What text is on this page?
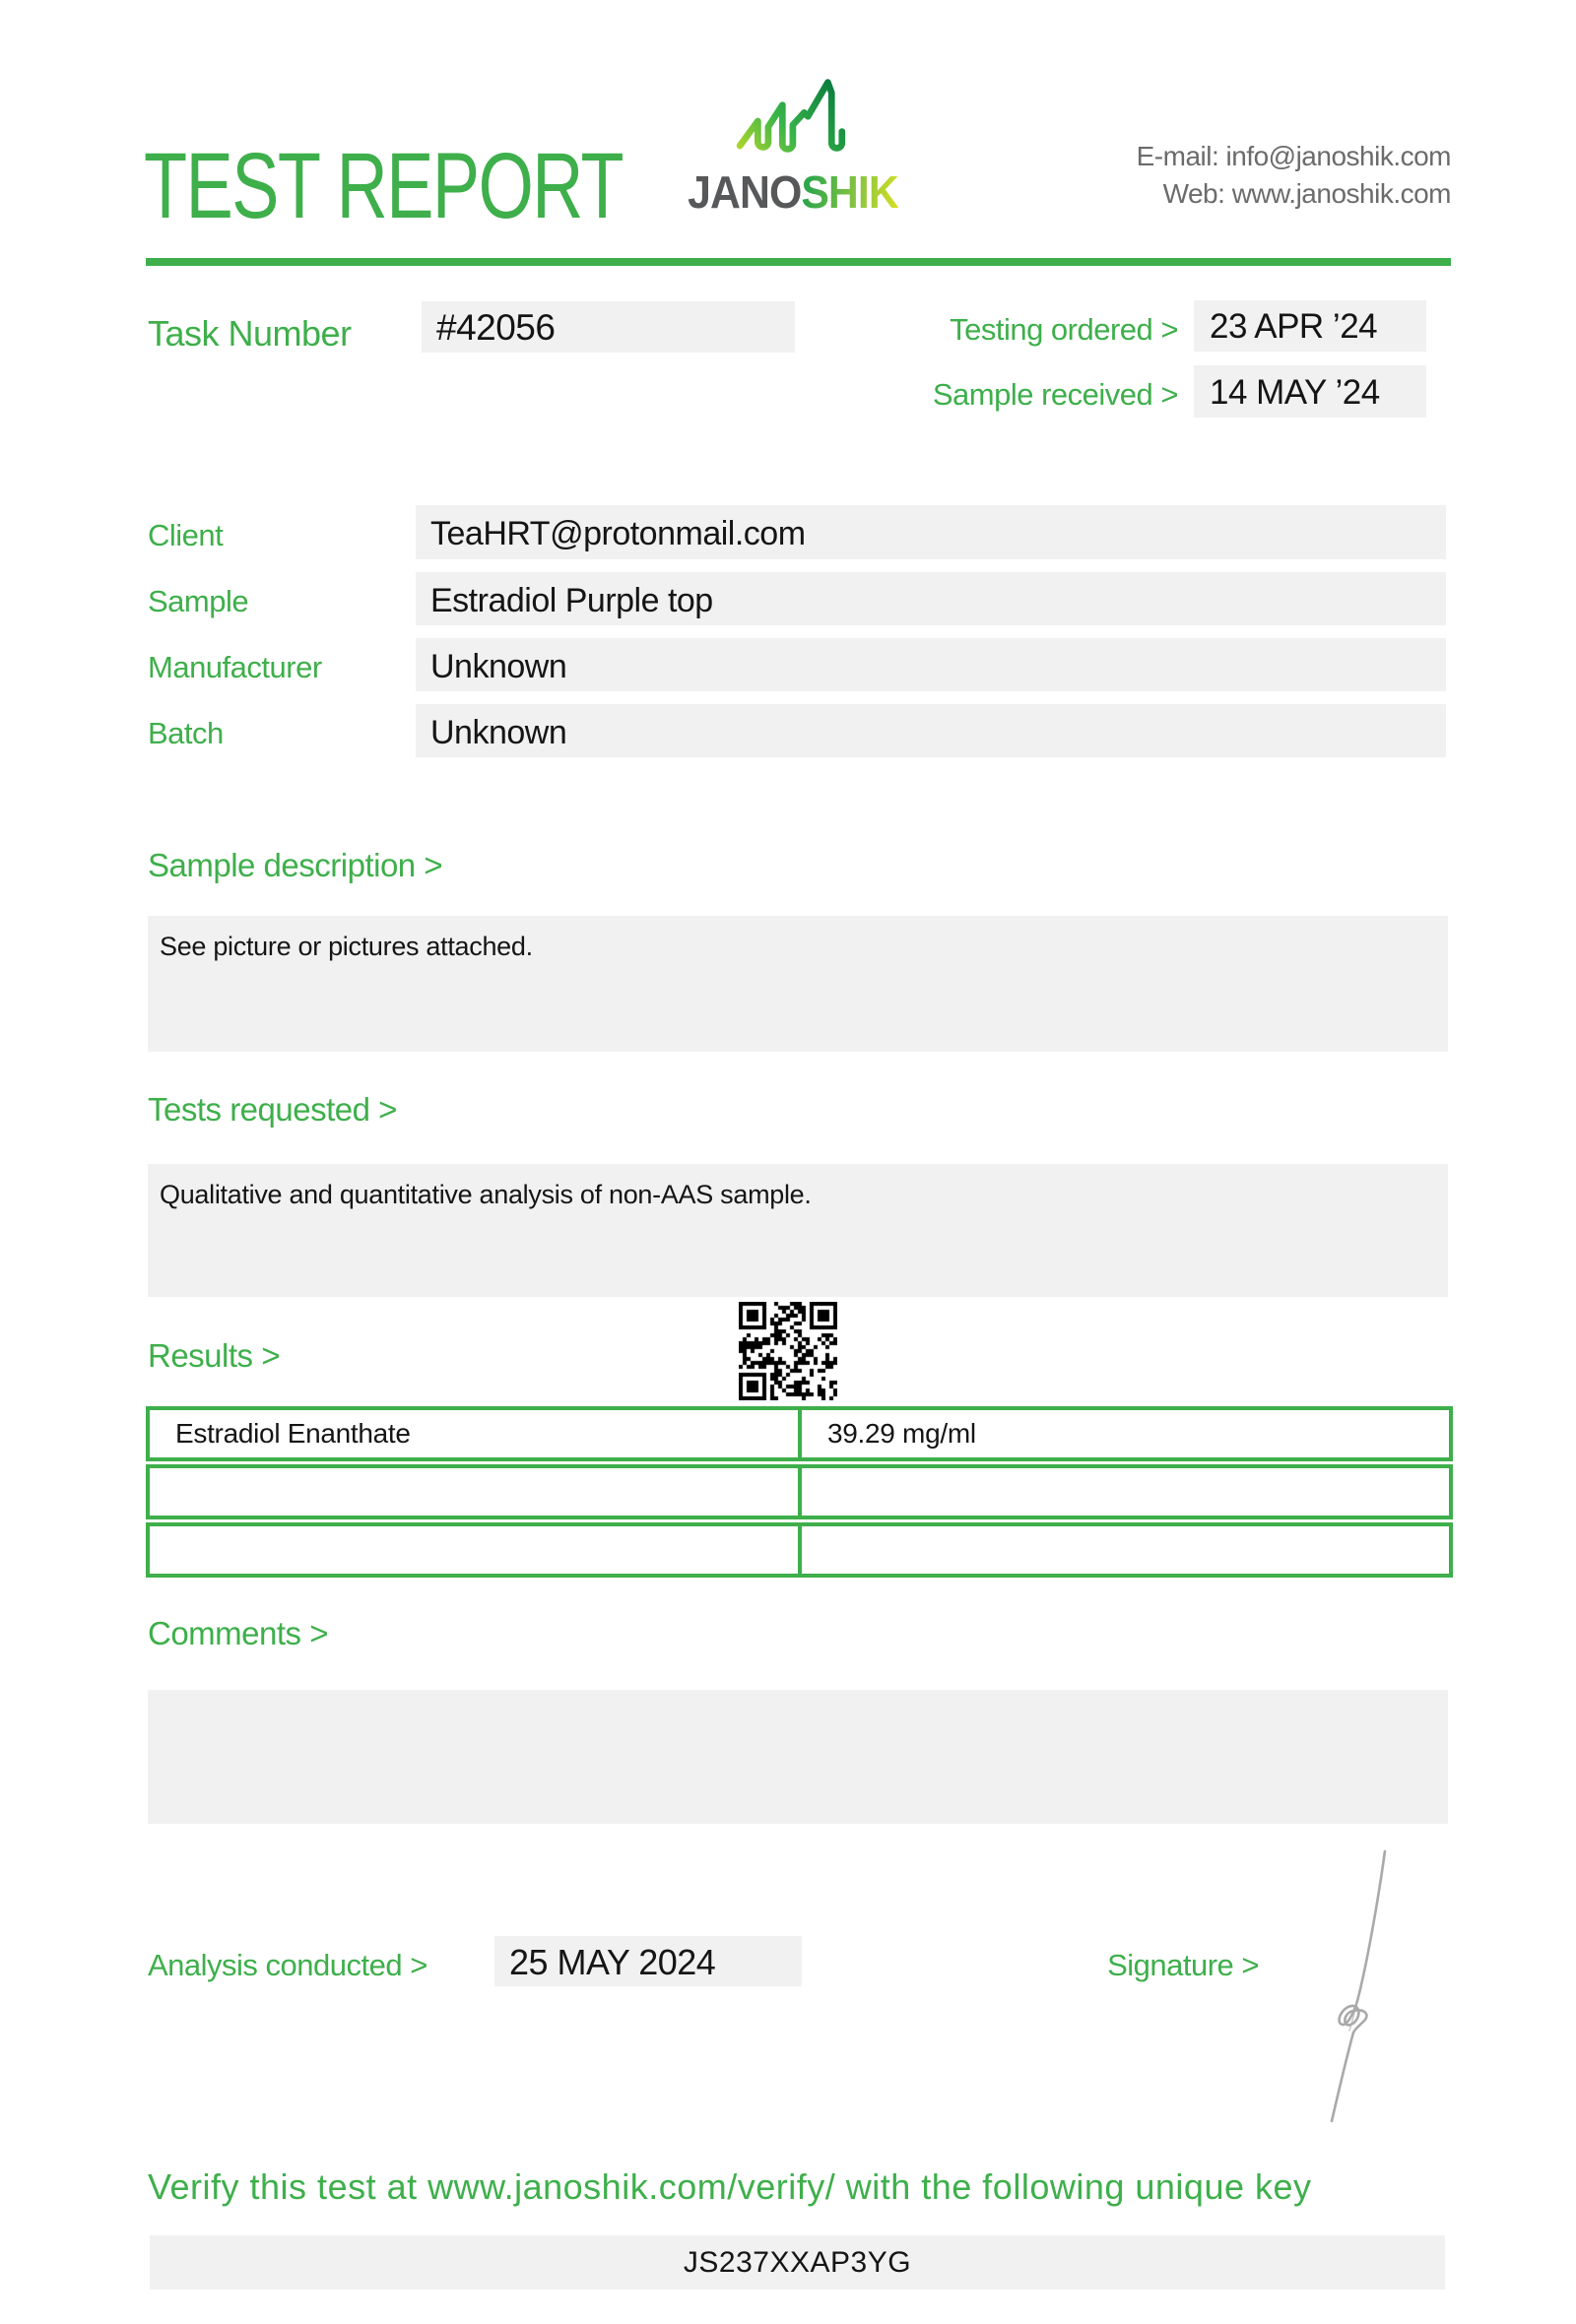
TEST REPORT JANOSHIK
E-mail: info@janoshik.com
Web: www.janoshik.com
Task Number #42056	Testing ordered > 23 APR ’24
Sample received > 14 MAY ’24
Client	TeaHRT@protonmail.com
Sample	Estradiol Purple top
Manufacturer	Unknown
Batch	Unknown
Sample description >
See picture or pictures attached.
Tests requested >
Qualitative and quantitative analysis of non-AAS sample.
Results >
Estradiol Enanthate	39.29 mg/ml
Comments >
Analysis conducted > 25 MAY 2024	Signature >
Verify this test at www.janoshik.com/verify/ with the following unique key
JS237XXAP3YG
